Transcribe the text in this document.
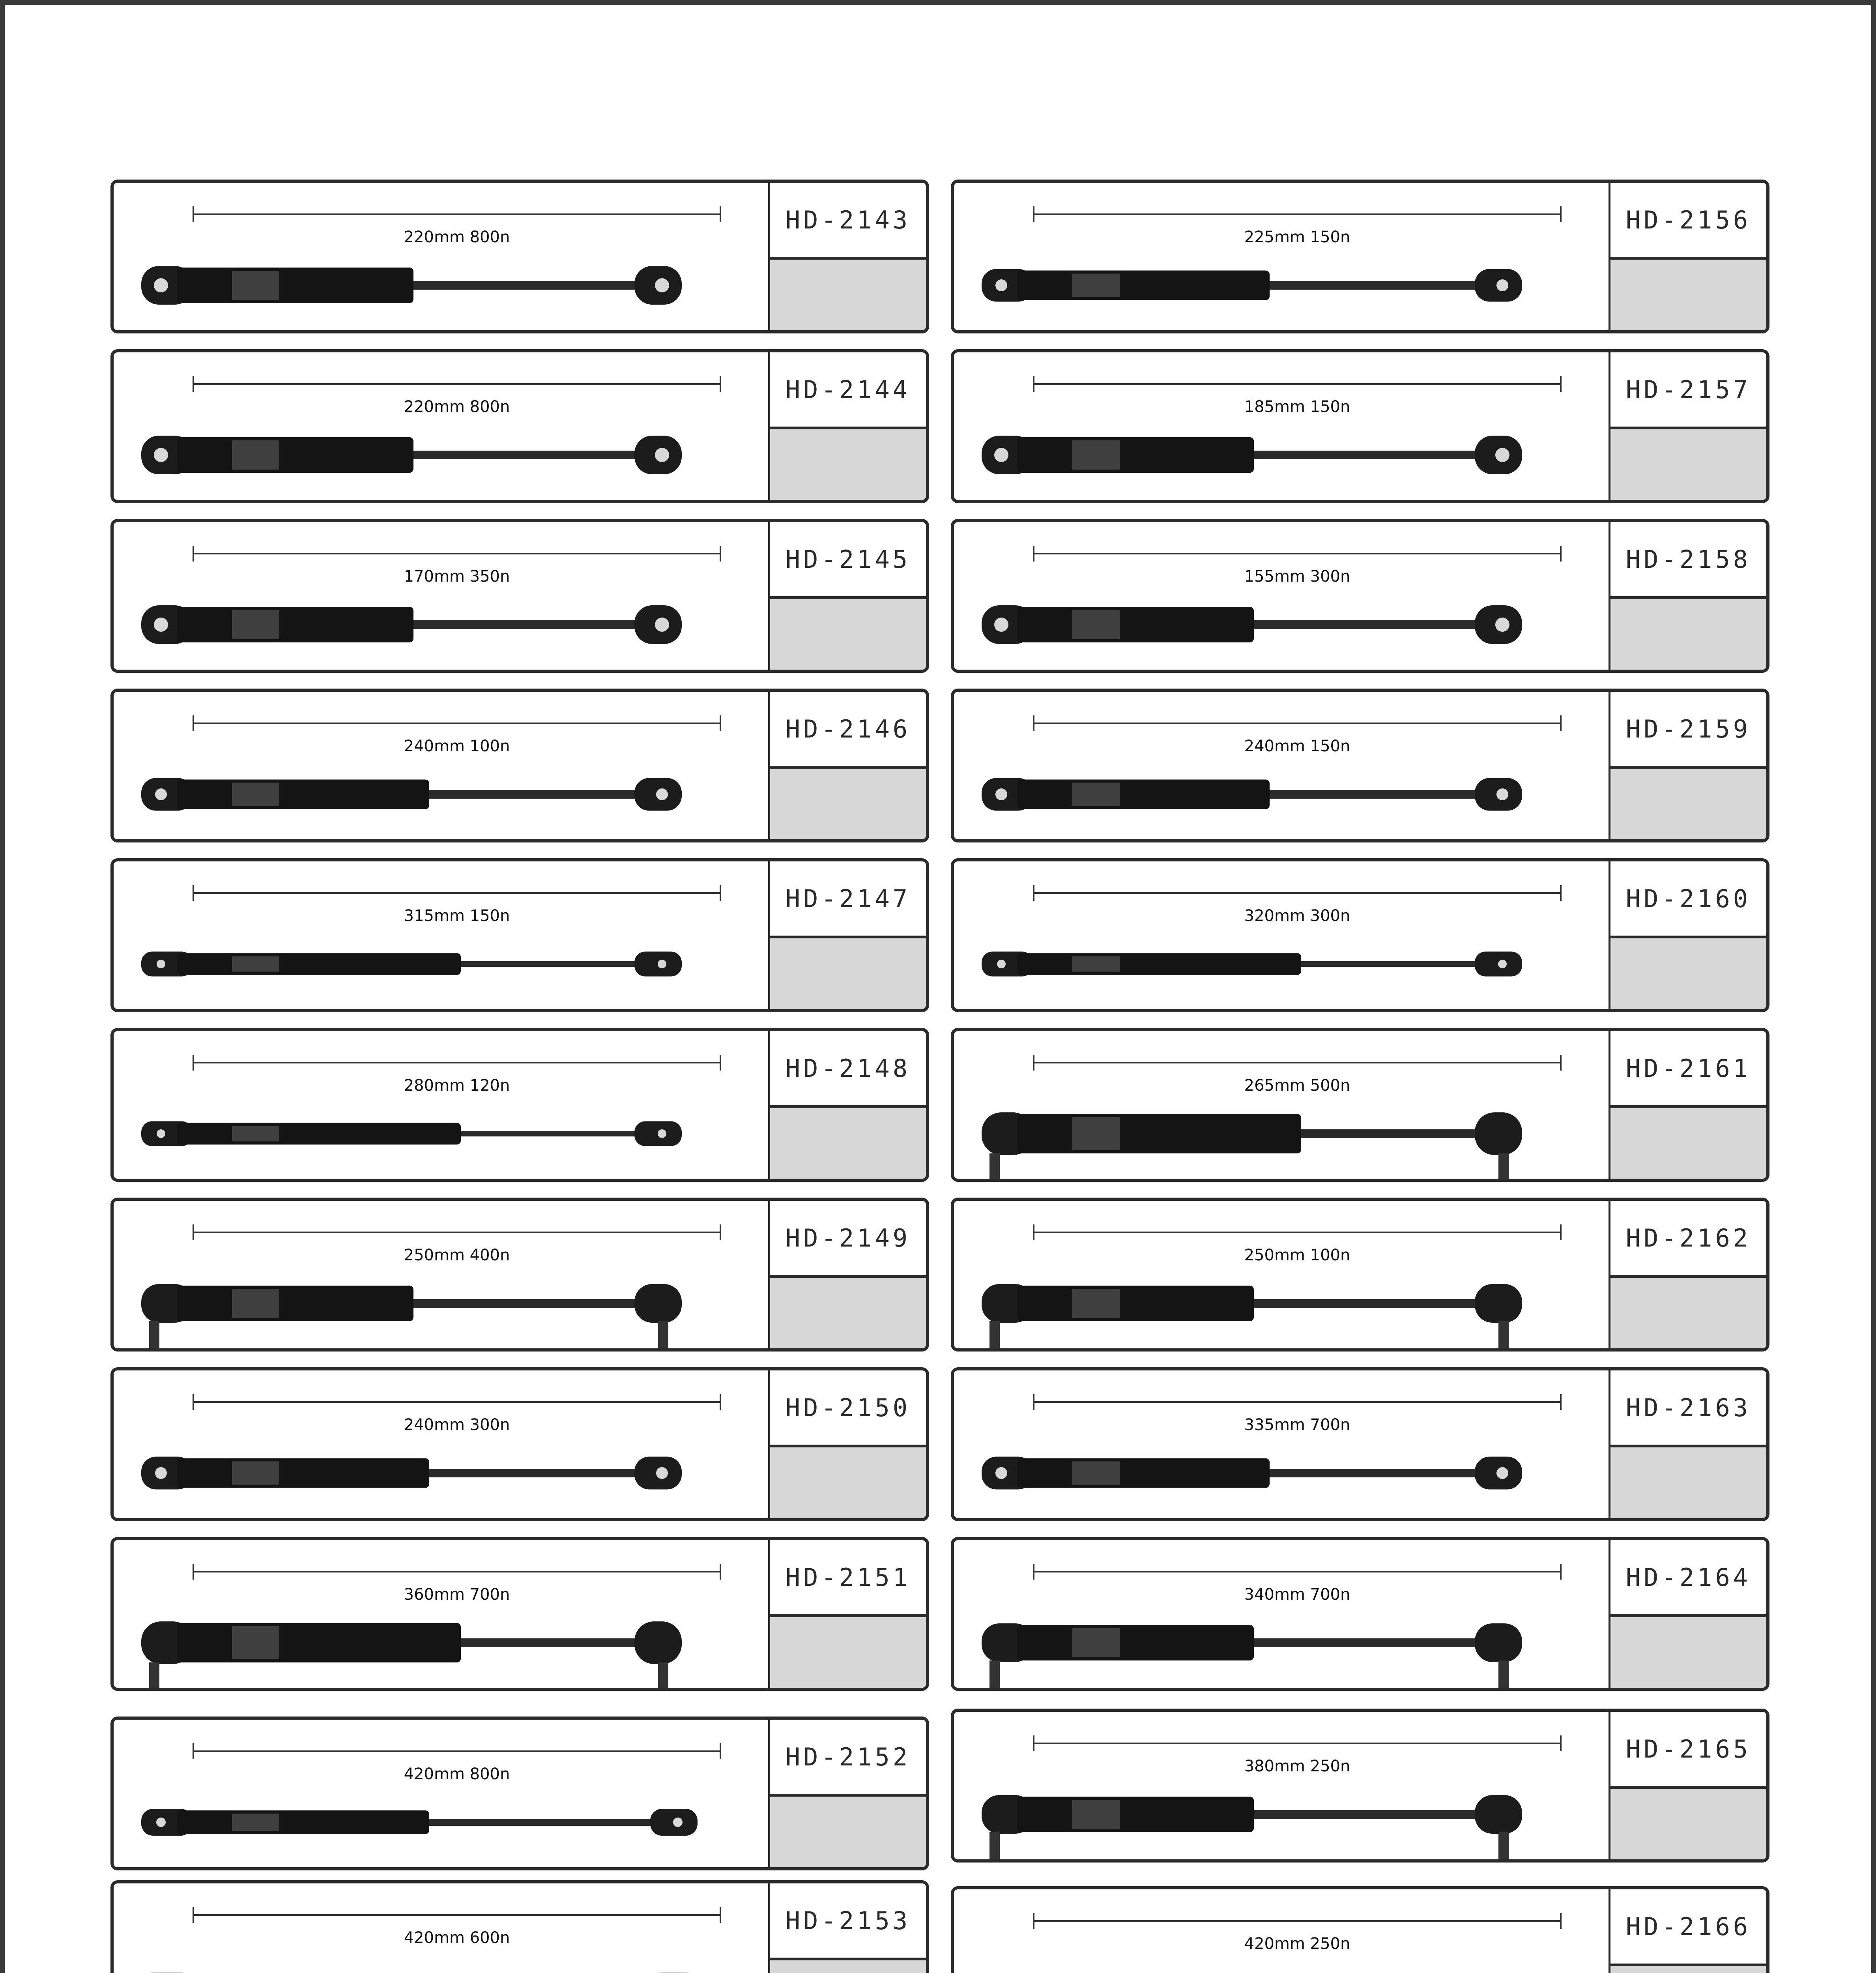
220mm 800n
HD-2143
220mm 800n
HD-2144
170mm 350n
HD-2145
240mm 100n
HD-2146
315mm 150n
HD-2147
280mm 120n
HD-2148
250mm 400n
HD-2149
240mm 300n
HD-2150
360mm 700n
HD-2151
420mm 800n
HD-2152
420mm 600n
HD-2153
225mm 150n
HD-2156
185mm 150n
HD-2157
155mm 300n
HD-2158
240mm 150n
HD-2159
320mm 300n
HD-2160
265mm 500n
HD-2161
250mm 100n
HD-2162
335mm 700n
HD-2163
340mm 700n
HD-2164
380mm 250n
HD-2165
420mm 250n
HD-2166
